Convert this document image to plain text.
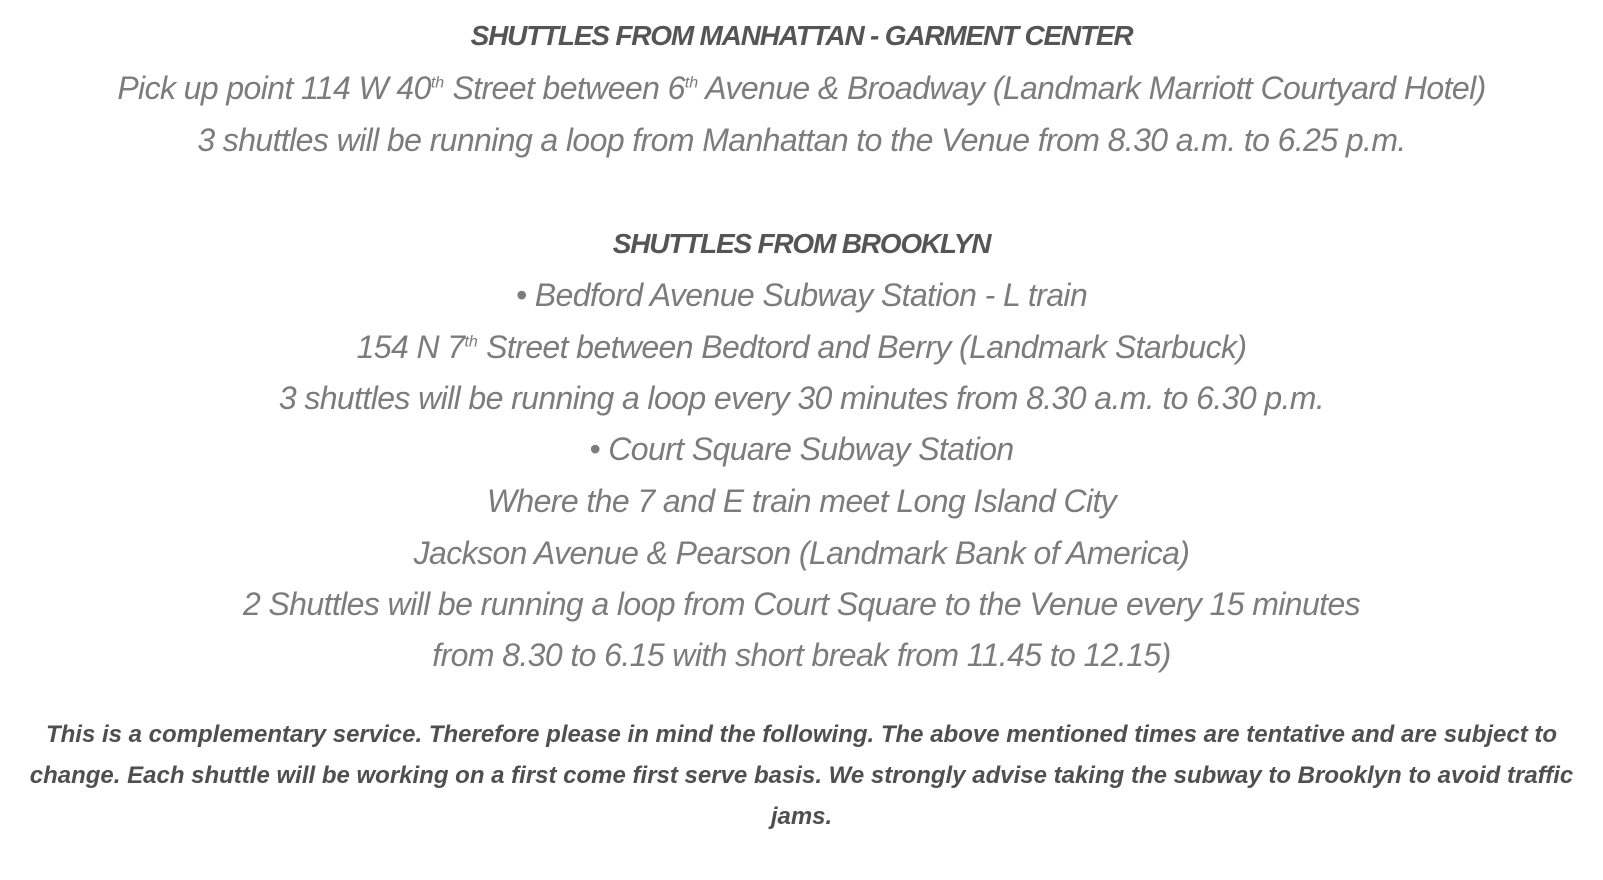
SHUTTLES FROM MANHATTAN - GARMENT CENTER
Pick up point 114 W 40th Street between 6th Avenue & Broadway (Landmark Marriott Courtyard Hotel)
3 shuttles will be running a loop from Manhattan to the Venue from 8.30 a.m. to 6.25 p.m.
SHUTTLES FROM BROOKLYN
• Bedford Avenue Subway Station - L train
154 N 7th Street between Bedtord and Berry (Landmark Starbuck)
3 shuttles will be running a loop every 30 minutes from 8.30 a.m. to 6.30 p.m.
• Court Square Subway Station
Where the 7 and E train meet Long Island City
Jackson Avenue & Pearson (Landmark Bank of America)
2 Shuttles will be running a loop from Court Square to the Venue every 15 minutes
from 8.30 to 6.15 with short break from 11.45 to 12.15)
This is a complementary service. Therefore please in mind the following. The above mentioned times are tentative and are subject to change. Each shuttle will be working on a first come first serve basis. We strongly advise taking the subway to Brooklyn to avoid traffic jams.
